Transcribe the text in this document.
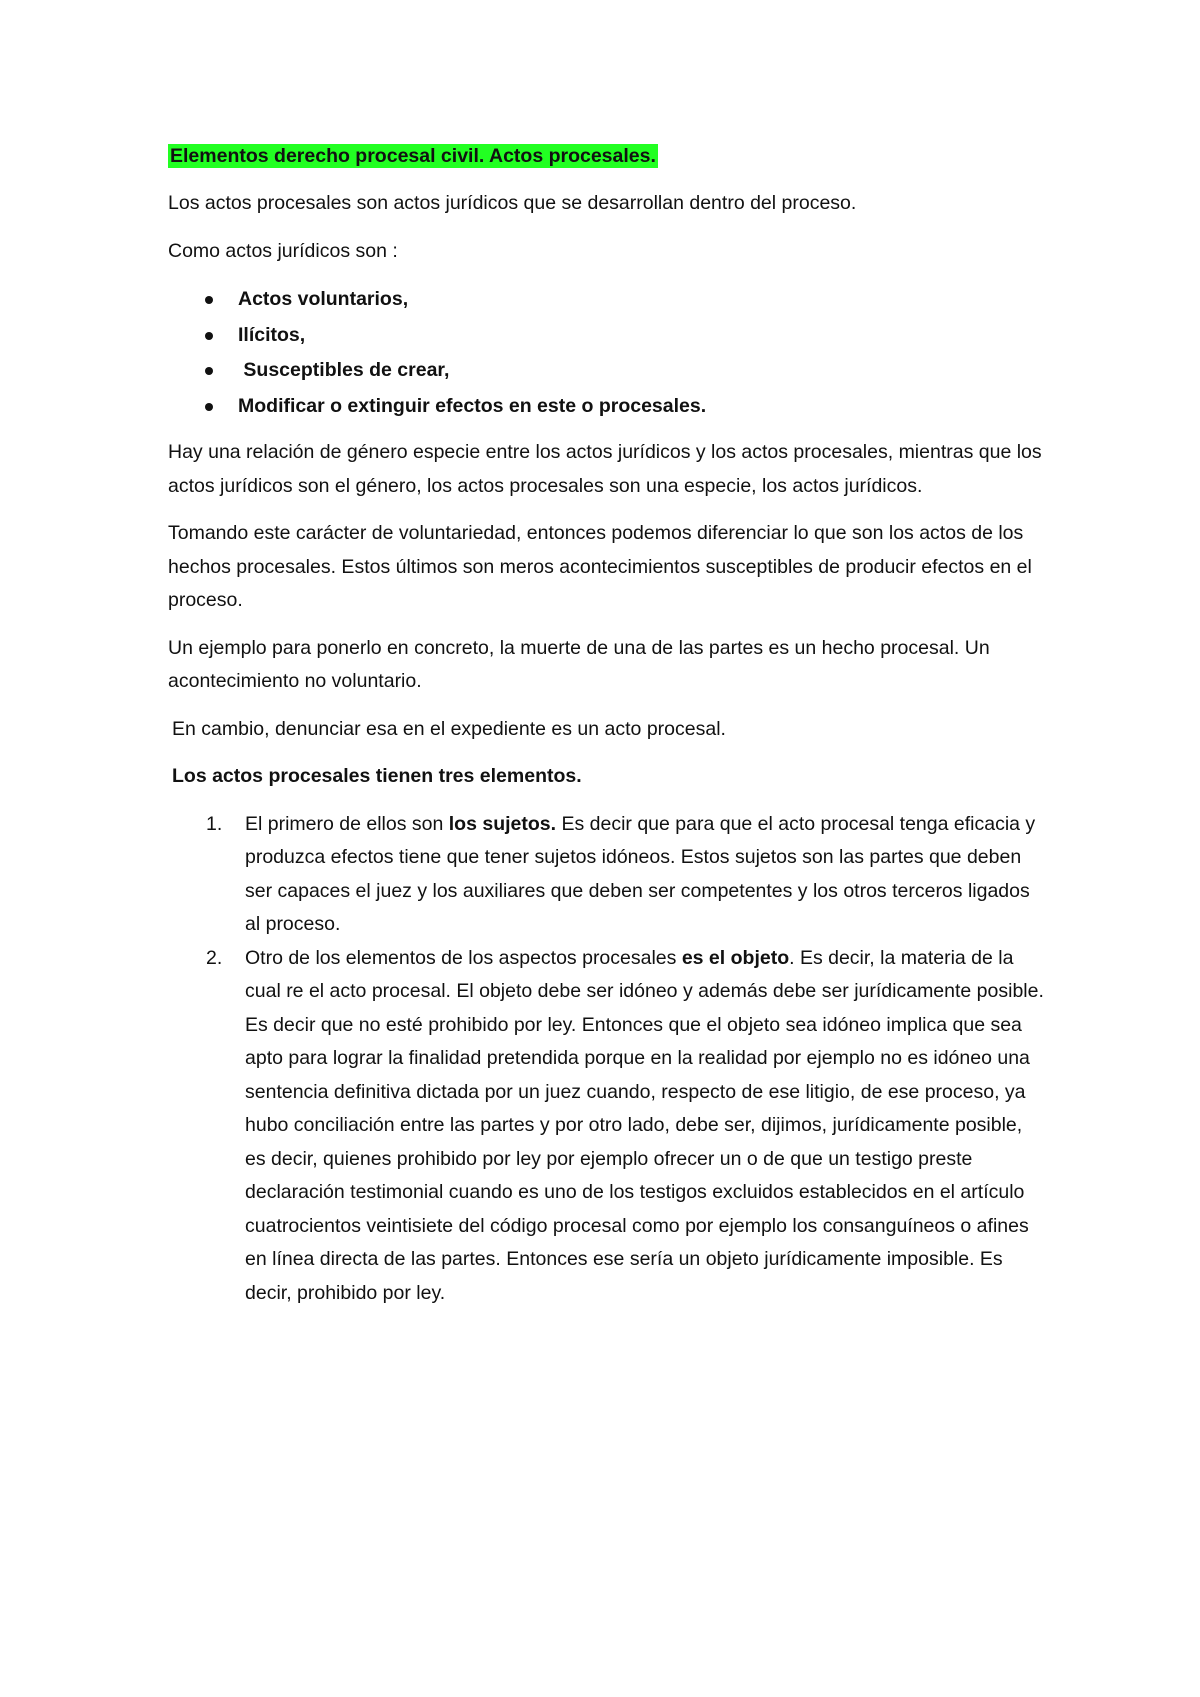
Elementos derecho procesal civil. Actos procesales.

Los actos procesales son actos jurídicos que se desarrollan dentro del proceso.

Como actos jurídicos son :

Actos voluntarios,
Ilícitos,
Susceptibles de crear,
Modificar o extinguir efectos en este o procesales.

Hay una relación de género especie entre los actos jurídicos y los actos procesales, mientras que los actos jurídicos son el género, los actos procesales son una especie, los actos jurídicos.

Tomando este carácter de voluntariedad, entonces podemos diferenciar lo que son los actos de los hechos procesales. Estos últimos son meros acontecimientos susceptibles de producir efectos en el proceso.

Un ejemplo para ponerlo en concreto, la muerte de una de las partes es un hecho procesal. Un acontecimiento no voluntario.

En cambio, denunciar esa en el expediente es un acto procesal.

Los actos procesales tienen tres elementos.

1. El primero de ellos son los sujetos. Es decir que para que el acto procesal tenga eficacia y produzca efectos tiene que tener sujetos idóneos. Estos sujetos son las partes que deben ser capaces el juez y los auxiliares que deben ser competentes y los otros terceros ligados al proceso.
2. Otro de los elementos de los aspectos procesales es el objeto. Es decir, la materia de la cual re el acto procesal. El objeto debe ser idóneo y además debe ser jurídicamente posible. Es decir que no esté prohibido por ley. Entonces que el objeto sea idóneo implica que sea apto para lograr la finalidad pretendida porque en la realidad por ejemplo no es idóneo una sentencia definitiva dictada por un juez cuando, respecto de ese litigio, de ese proceso, ya hubo conciliación entre las partes y por otro lado, debe ser, dijimos, jurídicamente posible, es decir, quienes prohibido por ley por ejemplo ofrecer un o de que un testigo preste declaración testimonial cuando es uno de los testigos excluidos establecidos en el artículo cuatrocientos veintisiete del código procesal como por ejemplo los consanguíneos o afines en línea directa de las partes. Entonces ese sería un objeto jurídicamente imposible. Es decir, prohibido por ley.
